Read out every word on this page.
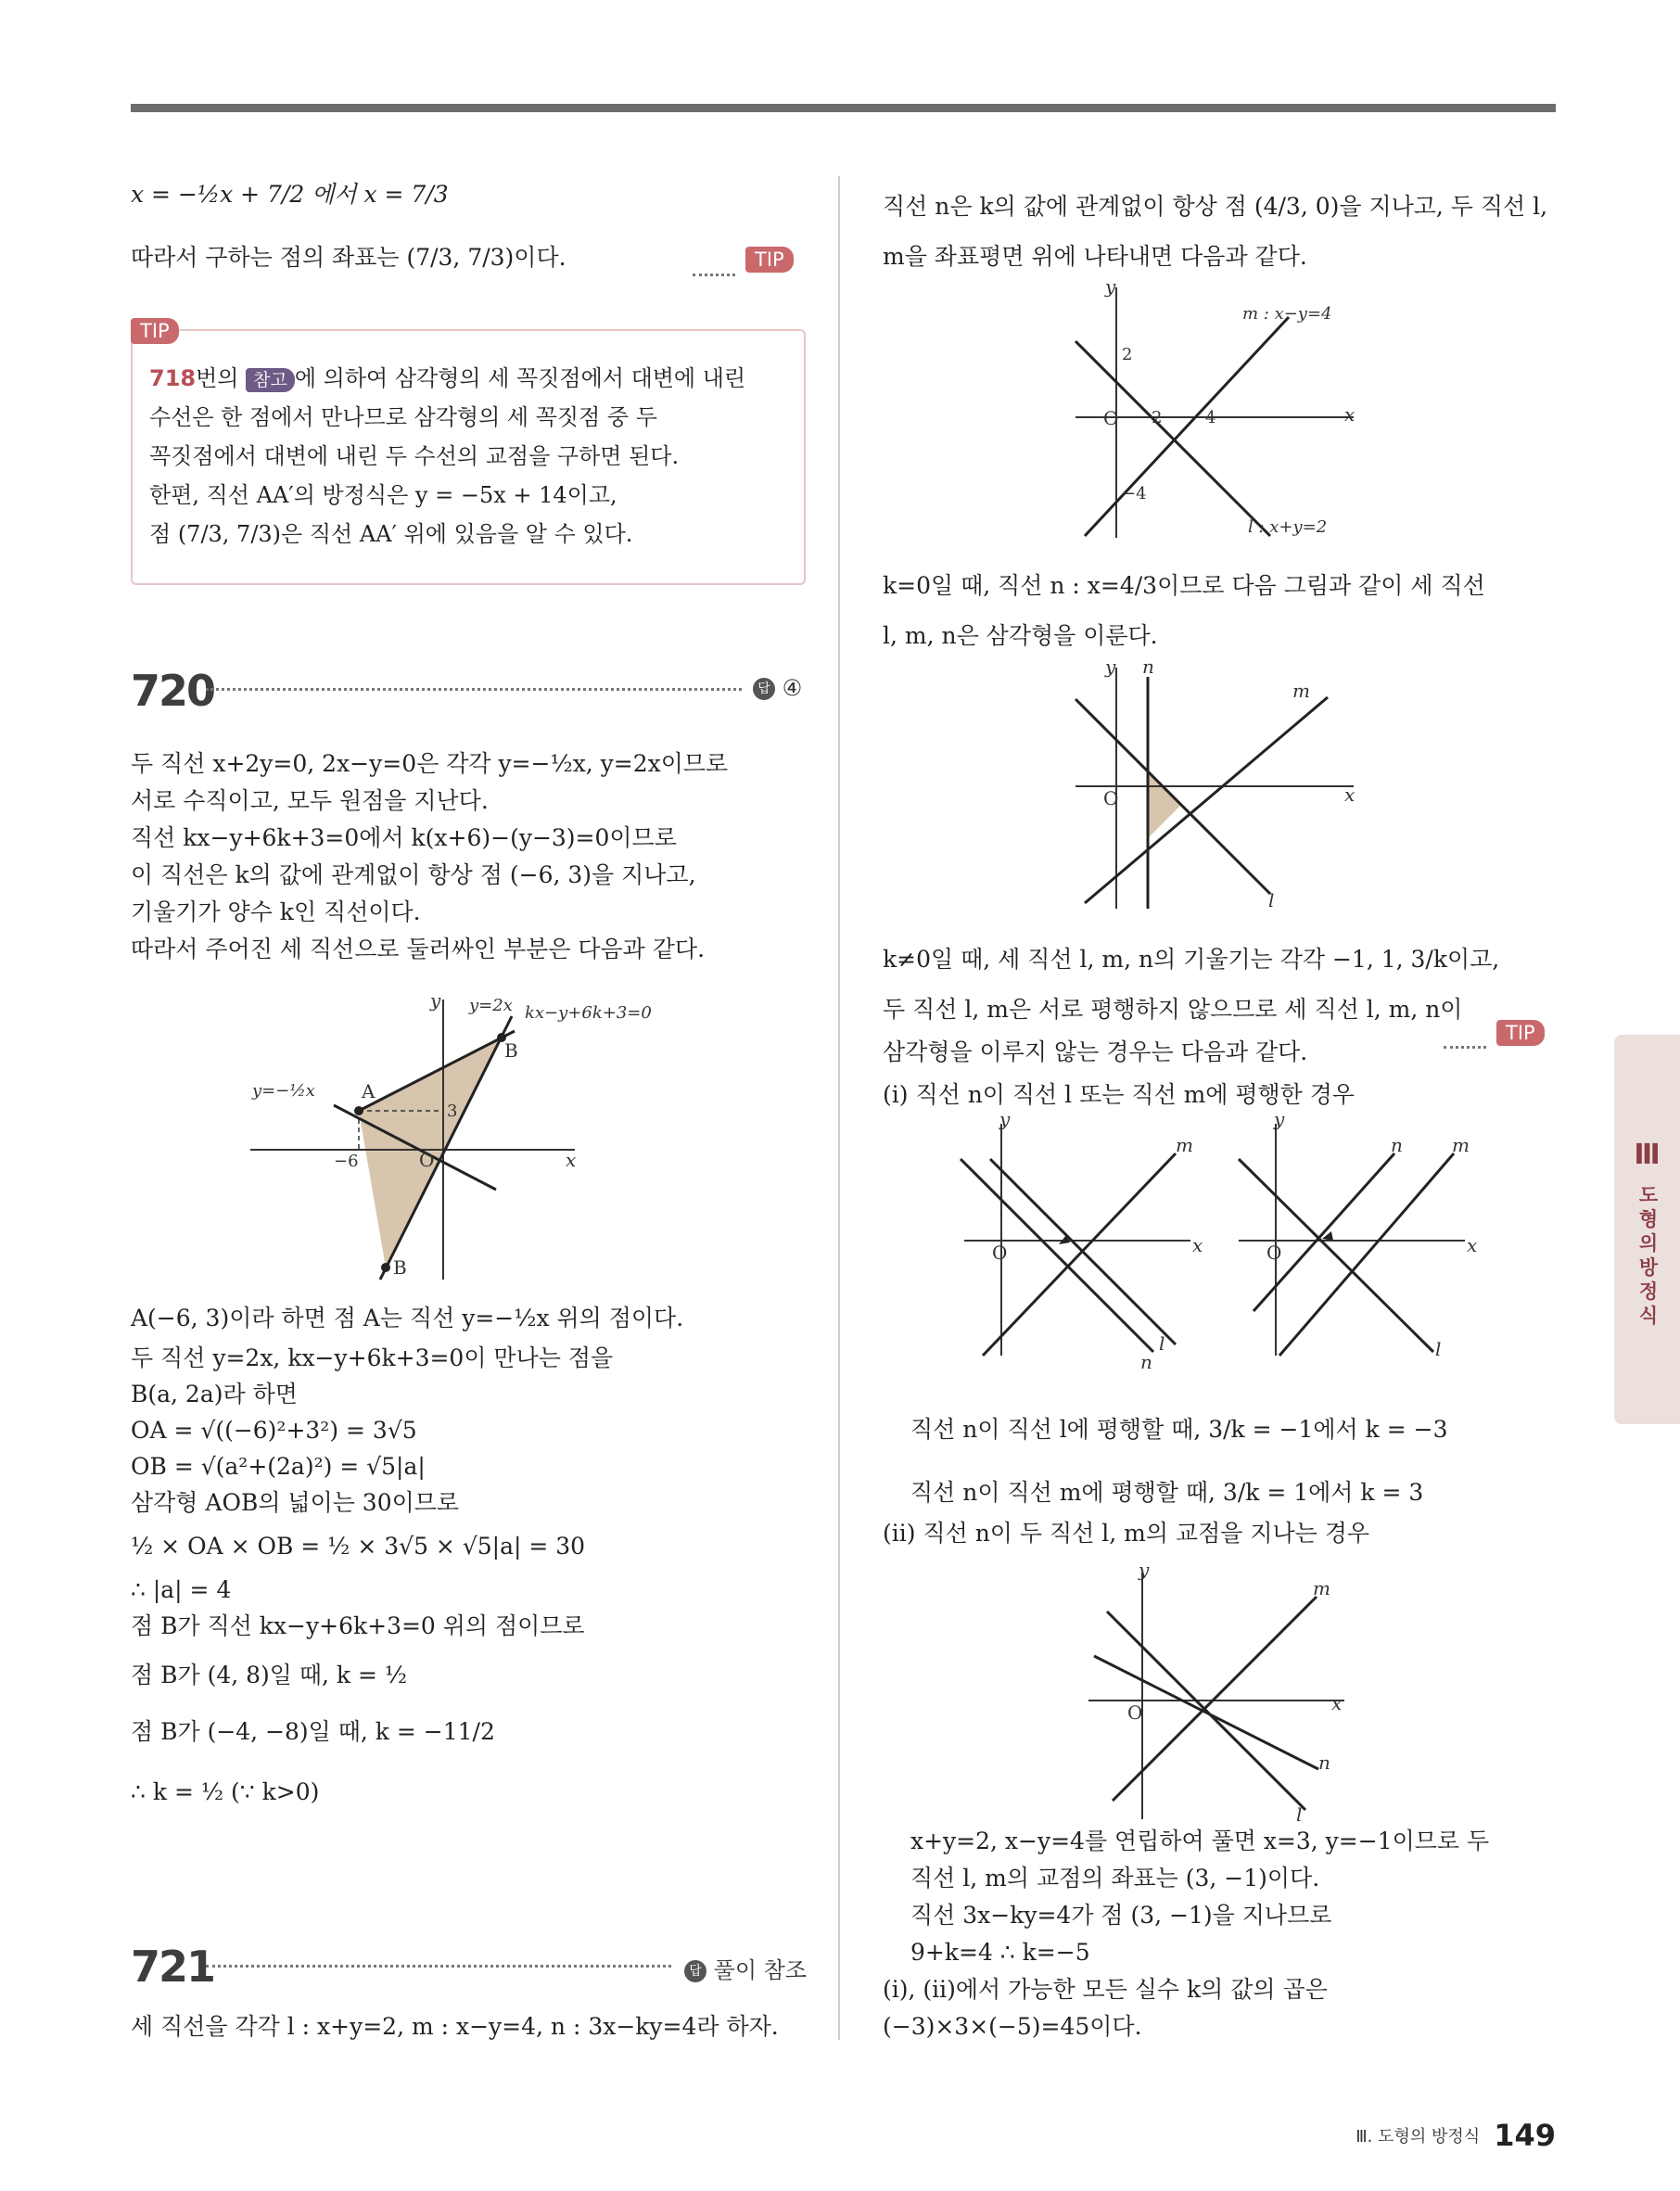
x = −½x + 7/2 에서 x = 7/3

따라서 구하는 점의 좌표는 (7/3, 7/3)이다.	TIP
TIP

718번의 참고 에 의하여 삼각형의 세 꼭짓점에서 대변에 내린

수선은 한 점에서 만나므로 삼각형의 세 꼭짓점 중 두

꼭짓점에서 대변에 내린 두 수선의 교점을 구하면 된다.

한편, 직선 AA′의 방정식은 y = −5x + 14이고,

점 (7/3, 7/3)은 직선 AA′ 위에 있음을 알 수 있다.

720	답 ④

두 직선 x+2y=0, 2x−y=0은 각각 y=−½x, y=2x이므로

서로 수직이고, 모두 원점을 지난다.

직선 kx−y+6k+3=0에서 k(x+6)−(y−3)=0이므로

이 직선은 k의 값에 관계없이 항상 점 (−6, 3)을 지나고,

기울기가 양수 k인 직선이다.

따라서 주어진 세 직선으로 둘러싸인 부분은 다음과 같다.

y
x
y=2x kx−y+6k+3=0
y=−½x	A
B
B
O
−6
3

A(−6, 3)이라 하면 점 A는 직선 y=−½x 위의 점이다.

두 직선 y=2x, kx−y+6k+3=0이 만나는 점을

B(a, 2a)라 하면

OA = √((−6)²+3²) = 3√5

OB = √(a²+(2a)²) = √5|a|

삼각형 AOB의 넓이는 30이므로

½ × OA × OB = ½ × 3√5 × √5|a| = 30

∴ |a| = 4

점 B가 직선 kx−y+6k+3=0 위의 점이므로

점 B가 (4, 8)일 때, k = ½

점 B가 (−4, −8)일 때, k = −11/2

∴ k = ½ (∵ k>0)

721	답 풀이 참조

세 직선을 각각 l : x+y=2, m : x−y=4, n : 3x−ky=4라 하자.

직선 n은 k의 값에 관계없이 항상 점 (4/3, 0)을 지나고, 두 직선 l,

m을 좌표평면 위에 나타내면 다음과 같다.

y
x
m : x−y=4
l : x+y=2
2
2	4
−4
O

k=0일 때, 직선 n : x=4/3이므로 다음 그림과 같이 세 직선

l, m, n은 삼각형을 이룬다.

y
x
n
m
l
O

k≠0일 때, 세 직선 l, m, n의 기울기는 각각 −1, 1, 3/k이고,

두 직선 l, m은 서로 평행하지 않으므로 세 직선 l, m, n이

삼각형을 이루지 않는 경우는 다음과 같다.

(i) 직선 n이 직선 l 또는 직선 m에 평행한 경우

TIP
y
x
O
m
l
n
y
x
O
m
l
n

직선 n이 직선 l에 평행할 때, 3/k = −1에서 k = −3

직선 n이 직선 m에 평행할 때, 3/k = 1에서 k = 3

(ii) 직선 n이 두 직선 l, m의 교점을 지나는 경우

y
x
O
m
n
l

x+y=2, x−y=4를 연립하여 풀면 x=3, y=−1이므로 두

직선 l, m의 교점의 좌표는 (3, −1)이다.

직선 3x−ky=4가 점 (3, −1)을 지나므로

9+k=4 ∴ k=−5

(i), (ii)에서 가능한 모든 실수 k의 값의 곱은

(−3)×3×(−5)=45이다.

Ⅲ
도형의 방정식
Ⅲ. 도형의 방정식 149
